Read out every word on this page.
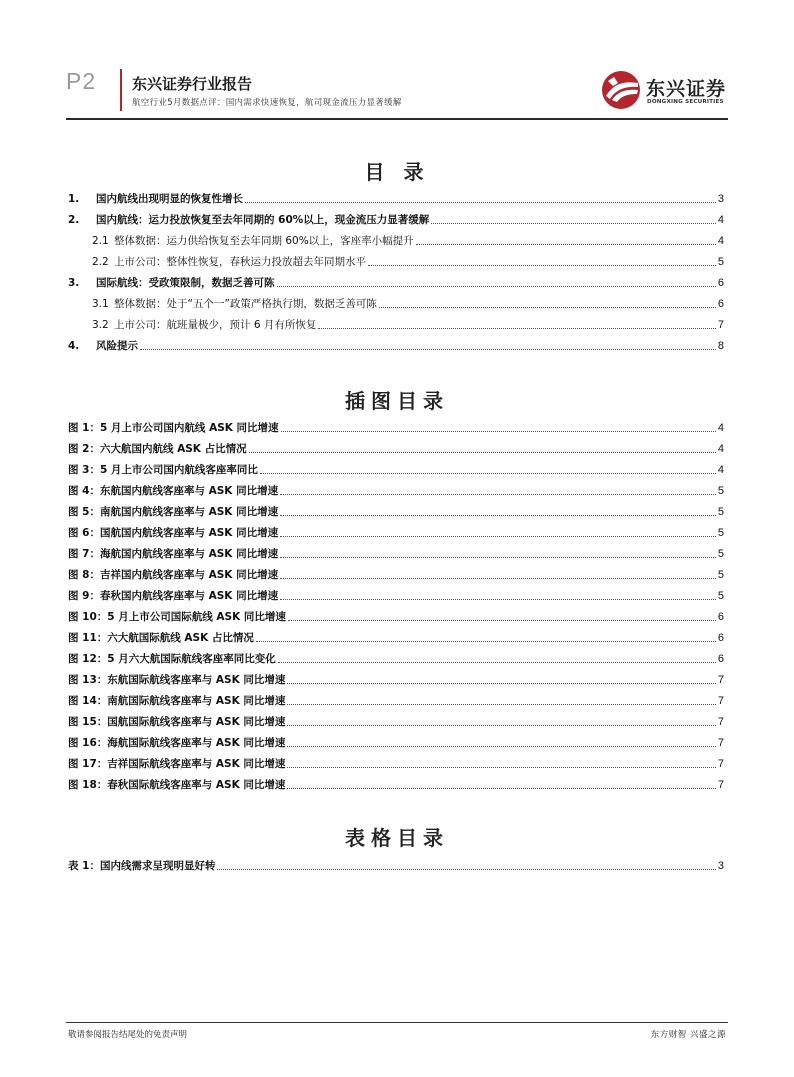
P2 东兴证券行业报告
航空行业5月数据点评：国内需求快速恢复，航司现金流压力显著缓解
东兴证券
DONGXING SECURITIES
目 录
1.	国内航线出现明显的恢复性增长	3
2.	国内航线：运力投放恢复至去年同期的 60%以上，现金流压力显著缓解	4
2.1 整体数据：运力供给恢复至去年同期 60%以上，客座率小幅提升	4
2.2 上市公司：整体性恢复，春秋运力投放超去年同期水平	5
3.	国际航线：受政策限制，数据乏善可陈	6
3.1 整体数据：处于“五个一”政策严格执行期，数据乏善可陈	6
3.2 上市公司：航班量极少，预计 6 月有所恢复	7
4.	风险提示	8
插图目录
图 1：5 月上市公司国内航线 ASK 同比增速	4
图 2：六大航国内航线 ASK 占比情况	4
图 3：5 月上市公司国内航线客座率同比	4
图 4：东航国内航线客座率与 ASK 同比增速	5
图 5：南航国内航线客座率与 ASK 同比增速	5
图 6：国航国内航线客座率与 ASK 同比增速	5
图 7：海航国内航线客座率与 ASK 同比增速	5
图 8：吉祥国内航线客座率与 ASK 同比增速	5
图 9：春秋国内航线客座率与 ASK 同比增速	5
图 10：5 月上市公司国际航线 ASK 同比增速	6
图 11：六大航国际航线 ASK 占比情况	6
图 12：5 月六大航国际航线客座率同比变化	6
图 13：东航国际航线客座率与 ASK 同比增速	7
图 14：南航国际航线客座率与 ASK 同比增速	7
图 15：国航国际航线客座率与 ASK 同比增速	7
图 16：海航国际航线客座率与 ASK 同比增速	7
图 17：吉祥国际航线客座率与 ASK 同比增速	7
图 18：春秋国际航线客座率与 ASK 同比增速	7
表格目录
表 1：国内线需求呈现明显好转	3
敬请参阅报告结尾处的免责声明	东方财智 兴盛之源
